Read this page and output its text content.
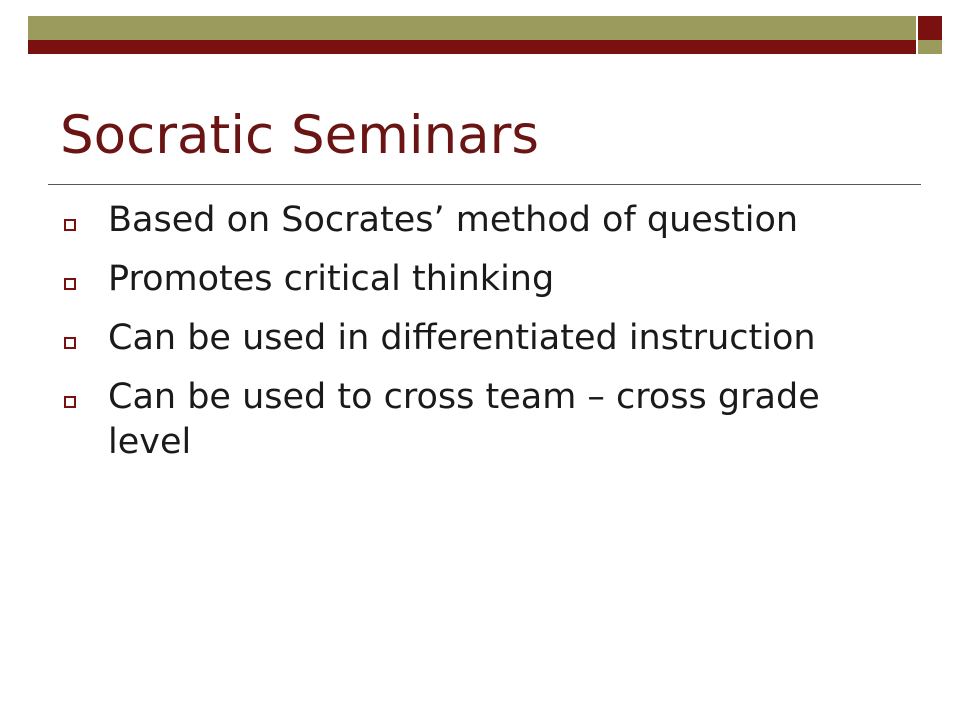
Socratic Seminars
Based on Socrates’ method of question
Promotes critical thinking
Can be used in differentiated instruction
Can be used to cross team – cross grade level
